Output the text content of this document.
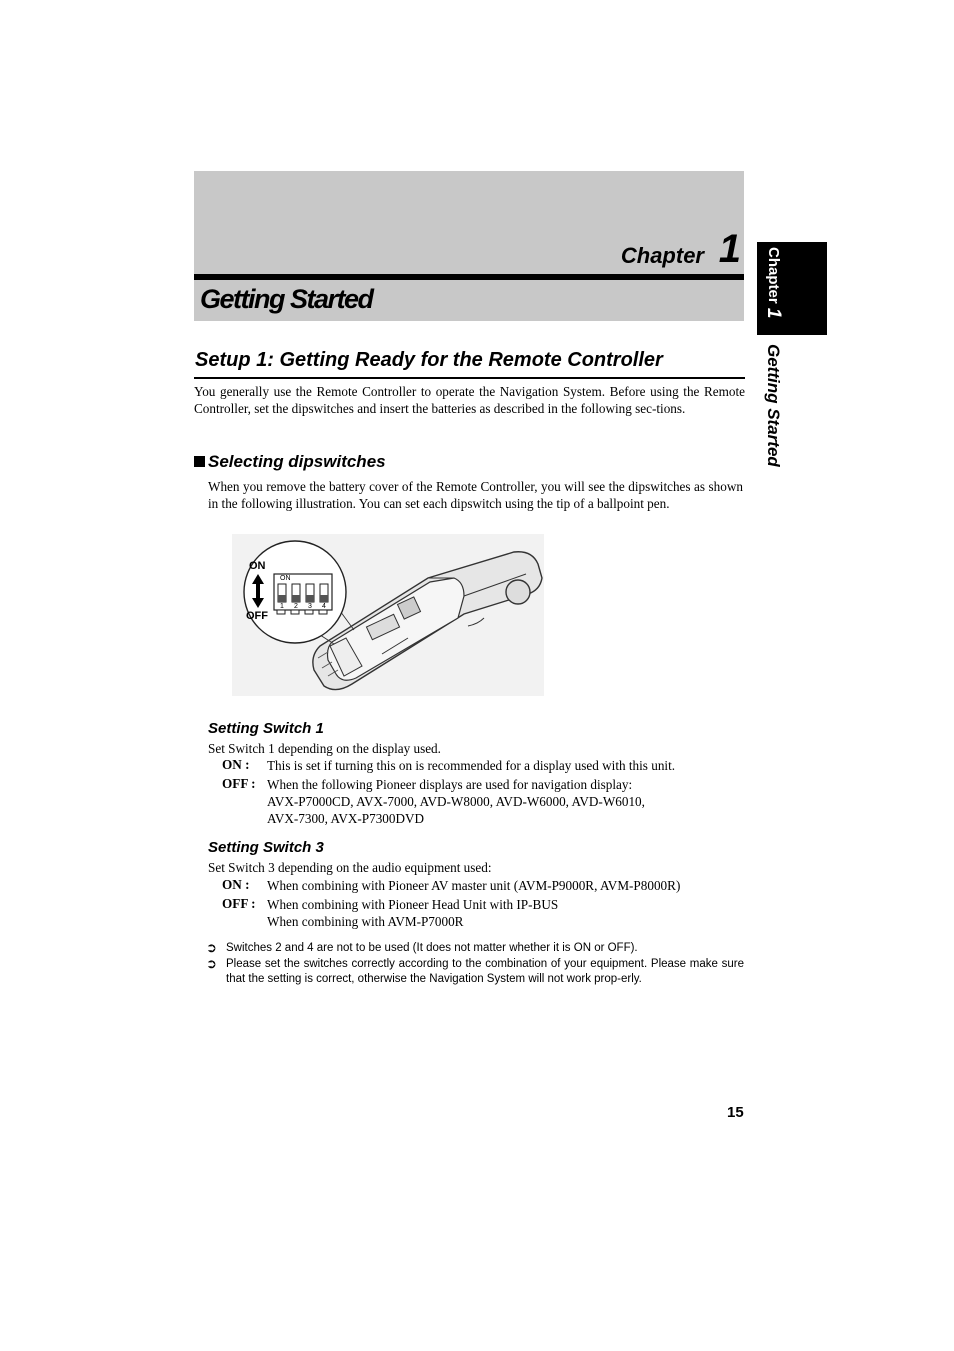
Chapter 1
Getting Started	Chapter 1
Getting Started
Setup 1: Getting Ready for the Remote Controller
You generally use the Remote Controller to operate the Navigation System. Before using the Remote Controller, set the dipswitches and insert the batteries as described in the following sec-tions.
Selecting dipswitches
When you remove the battery cover of the Remote Controller, you will see the dipswitches as shown in the following illustration. You can set each dipswitch using the tip of a ballpoint pen.
ON
OFF
ON
1 2 3 4
Setting Switch 1
Set Switch 1 depending on the display used.
ON : This is set if turning this on is recommended for a display used with this unit.
OFF : When the following Pioneer displays are used for navigation display:
AVX-P7000CD, AVX-7000, AVD-W8000, AVD-W6000, AVD-W6010,
AVX-7300, AVX-P7300DVD
Setting Switch 3
Set Switch 3 depending on the audio equipment used:
ON : When combining with Pioneer AV master unit (AVM-P9000R, AVM-P8000R)
OFF : When combining with Pioneer Head Unit with IP-BUS
When combining with AVM-P7000R
➲ Switches 2 and 4 are not to be used (It does not matter whether it is ON or OFF).
➲ Please set the switches correctly according to the combination of your equipment. Please make sure that the setting is correct, otherwise the Navigation System will not work prop-erly.
15
